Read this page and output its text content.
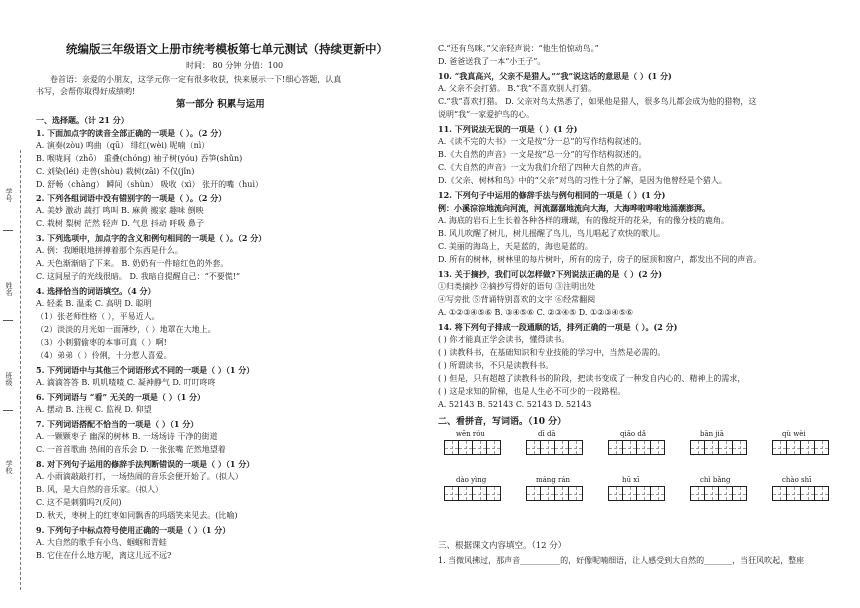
学号
姓名
班级
学校
统编版三年级语文上册市统考模板第七单元测试（持续更新中）
时间： 80 分钟 分值：100
卷首语：亲爱的小朋友，这学元你一定有很多收获，快来展示一下!细心答题，认真
书写，会帮你取得好成绩哟!
第一部分 积累与运用
一、选择题。（计 21 分）
1. 下面加点字的读音全部正确的一项是（ ）。（2 分）
A. 演奏(zòu) 鸣曲（qū） 绯红(wèi) 呢喃（nì）
B. 喉咙间（zhō） 重叠(chóng) 袖子树(yóu) 吞笋(shǔn)
C. 刘染(léi) 走兽(shòu) 栽树(zāi) 不仅(jǐn)
D. 舒畅（chàng） 瞬间（shùn） 吸收（xì） 张开的嘴（huì）
2. 下列各组词语中没有错别字的一项是（ ）。（2 分）
A. 美妙 激动 蔬打 鸣叫 B. 麻黄 搬家 趣味 倒映
C. 栽树 梨树 茫然 轻声 D. 气息 抖动 呼吸 鼻子
3. 下列选项中，加点字的含义和例句相同的一项是（ ）。（2 分）
A. 例：我睡眼地拼搏着那个东西是什么。
A. 天色渐渐暗了下来。 B. 奶奶有一件暗红色的外套。
C. 这间屋子的光线很暗。 D. 我暗自提醒自己：“不要慌!”
4. 选择恰当的词语填空。（4 分）
A. 轻柔 B. 温柔 C. 高明 D. 聪明
（1）张老师性格（ ），平易近人。
（2）淡淡的月光如一面薄纱，（ ）地罩在大地上。
（3）小刺猬偷枣的本事可真（ ）啊!
（4）弟弟（ ）伶俐，十分惹人喜爱。
5. 下列词语中与其他三个词语形式不同的一项是（ ）（1 分）
A. 滴滴答答 B. 叽叽喳喳 C. 凝神静气 D. 叮叮咚咚
6. 下列词语与 “看” 无关的一项是（ ）（1 分）
A. 摆动 B. 注视 C. 监视 D. 仰望
7. 下列词语搭配不恰当的一项是（ ）（1 分）
A. 一颗颗枣子 幽深的树林 B. 一场场诗 干净的街道
C. 一首首歌曲 热闹的音乐会 D. 一张张嘴 茫然地望着
8. 对下列句子运用的修辞手法判断错误的一项是（ ）（1 分）
A. 小雨滴敲敲打打，一场热闹的音乐会便开始了。（拟人）
B. 风，是大自然的音乐家。（拟人）
C. 这不是刺猬吗?(反问)
D. 秋天，枣树上的红枣如同飘香的玛瑙笑来见去。(比喻)
9. 下列句子中标点符号使用正确的一项是（ ）（1 分）
A. 大自然的歌手有小鸟、蝈蝈和青蛙
B. 它住在什么地方呢，离这儿远不远?
C.“还有鸟咪。”父亲轻声说：“他生怕惊动鸟。”
D. 爸爸送我了一本“小王子”。
10. “我真高兴，父亲不是猎人。”“我”说这话的意思是（ ）(1 分)
A. 父亲不会打猎。 B.“我”不喜欢别人打猎。
C.“我”喜欢打猎。 D. 父亲对鸟太热悉了，如果他是猎人，很多鸟儿都会成为他的猎物，这
说明“我”一家爱护鸟的心。
11. 下列说法无误的一项是（ ）(1 分)
A.《读不完的大书》一文是按“分一总”的写作结构叙述的。
B.《大自然的声音》一文是按“总一分”的写作结构叙述的。
C.《大自然的声音》一文为我们介绍了四种大自然的声音。
D.《父亲、树林和鸟》中的“父亲”对鸟的习性十分了解，是因为他曾经是个猎人。
12. 下列句子中运用的修辞手法与例句相同的一项是（ ）(1 分)
例：小溪淙淙地流向河流，河流潺潺地流向大海，大海哗啦哗啦地涌潮澎湃。
A. 海底的岩石上生长着各种各样的珊瑚，有的像绽开的花朵，有的像分枝的鹿角。
B. 风儿吹醒了树儿，树儿摇醒了鸟儿，鸟儿唱起了欢快的歌儿。
C. 美丽的海岛上，天是蓝的，海也是蓝的。
D. 所有的树林，树林里的每片树叶，所有的房子，房子的屋顶和窗户，都发出不同的声音。
13. 关于摘抄，我们可以怎样做?下列说法正确的是（ ）(2 分)
①归类摘抄 ②摘抄写得好的语句 ③注明出处
④写旁批 ⑤背诵特别喜欢的文字 ⑥经常翻阅
A. ①②③④⑤⑥ B. ③④⑤⑥ C. ②③④⑤ D. ①②③④⑤⑥
14. 将下列句子排成一段通顺的话，排列正确的一项是（ ）。(2 分)
( ) 你才能真正学会读书，懂得读书。
( ) 读教科书，在基础知识和专业技能的学习中，当然是必需的。
( ) 所谓读书，不只是读教科书。
( ) 但是，只有超越了读教科书的阶段，把读书变成了一种发自内心的、精神上的需求，
( ) 这是求知的阶梯，也是人生必不可少的一段路程。
A. 52143 B. 52143 C. 52143 D. 52143
二、看拼音，写词语。（10 分）
wēn róu	dī dā	qiāo dǎ	bān jiā	qù wèi
dào yìng	máng rán	hū xī	chì bǎng	chào shī
三、根据课文内容填空。（12 分）
1. 当微风拂过，那声音__________的，好像呢喃细语，让人感受到大自然的_______，当狂风吹起，整座
